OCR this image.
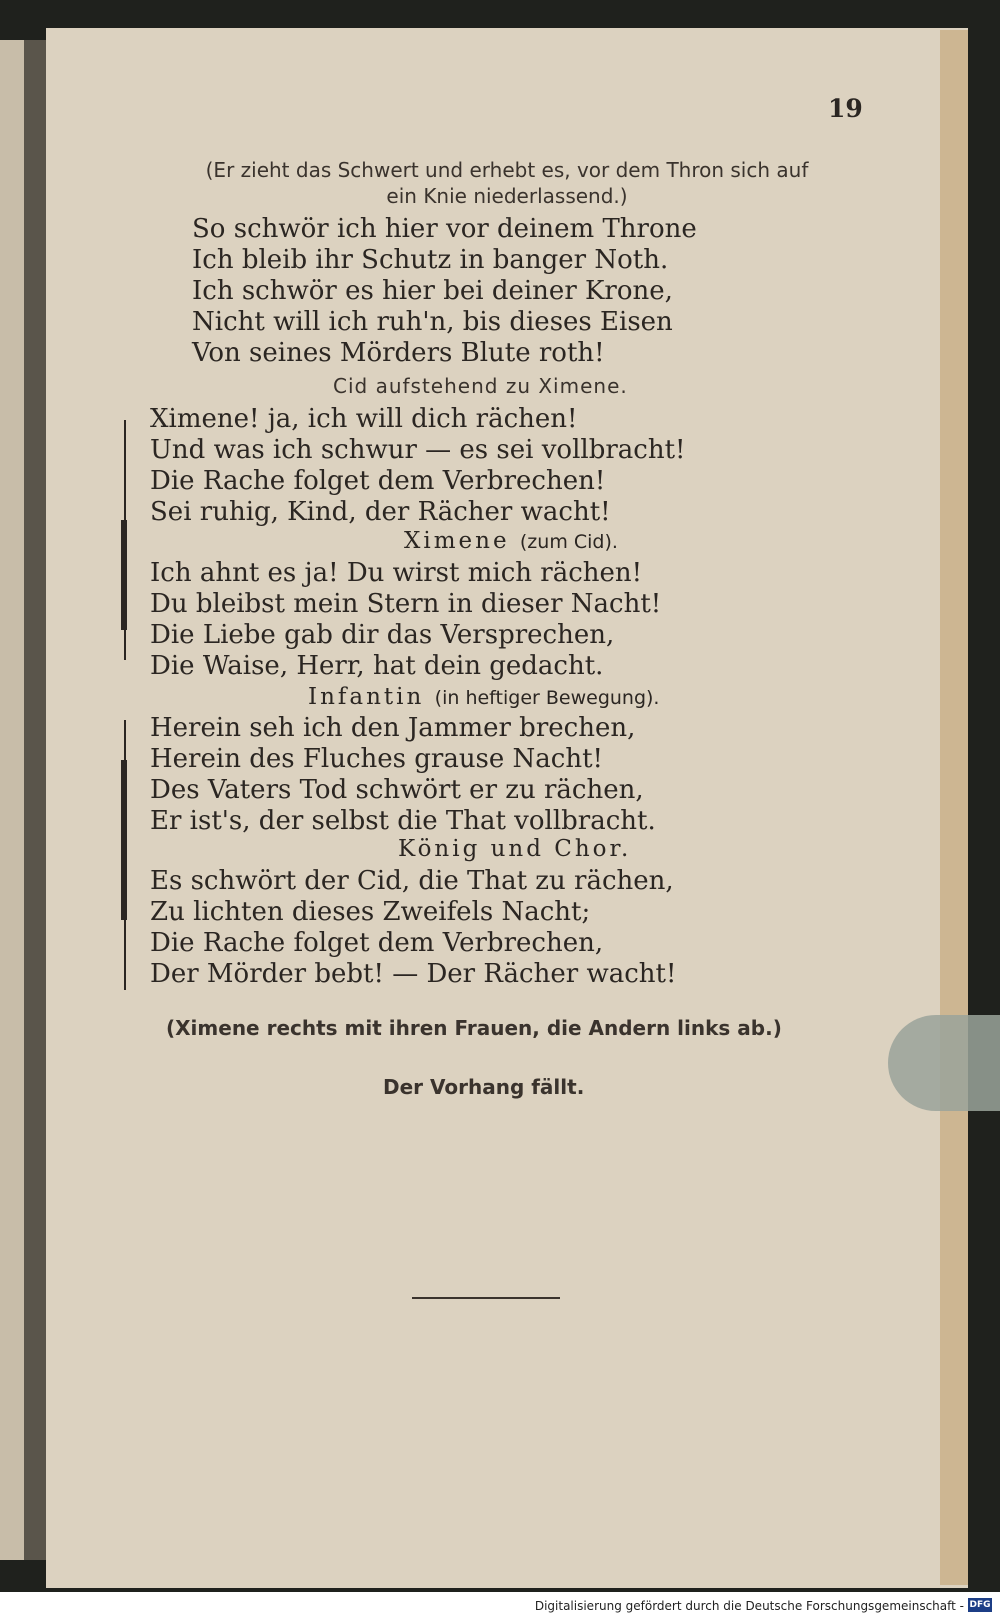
19
(Er zieht das Schwert und erhebt es, vor dem Thron sich auf
ein Knie niederlassend.)
So schwör ich hier vor deinem Throne
Ich bleib ihr Schutz in banger Noth.
Ich schwör es hier bei deiner Krone,
Nicht will ich ruh'n, bis dieses Eisen
Von seines Mörders Blute roth!
Cid aufstehend zu Ximene.
Ximene! ja, ich will dich rächen!
Und was ich schwur — es sei vollbracht!
Die Rache folget dem Verbrechen!
Sei ruhig, Kind, der Rächer wacht!
Ximene (zum Cid).
Ich ahnt es ja! Du wirst mich rächen!
Du bleibst mein Stern in dieser Nacht!
Die Liebe gab dir das Versprechen,
Die Waise, Herr, hat dein gedacht.
Infantin (in heftiger Bewegung).
Herein seh ich den Jammer brechen,
Herein des Fluches grause Nacht!
Des Vaters Tod schwört er zu rächen,
Er ist's, der selbst die That vollbracht.
König und Chor.
Es schwört der Cid, die That zu rächen,
Zu lichten dieses Zweifels Nacht;
Die Rache folget dem Verbrechen,
Der Mörder bebt! — Der Rächer wacht!
(Ximene rechts mit ihren Frauen, die Andern links ab.)
Der Vorhang fällt.
Digitalisierung gefördert durch die Deutsche Forschungsgemeinschaft - DFG
